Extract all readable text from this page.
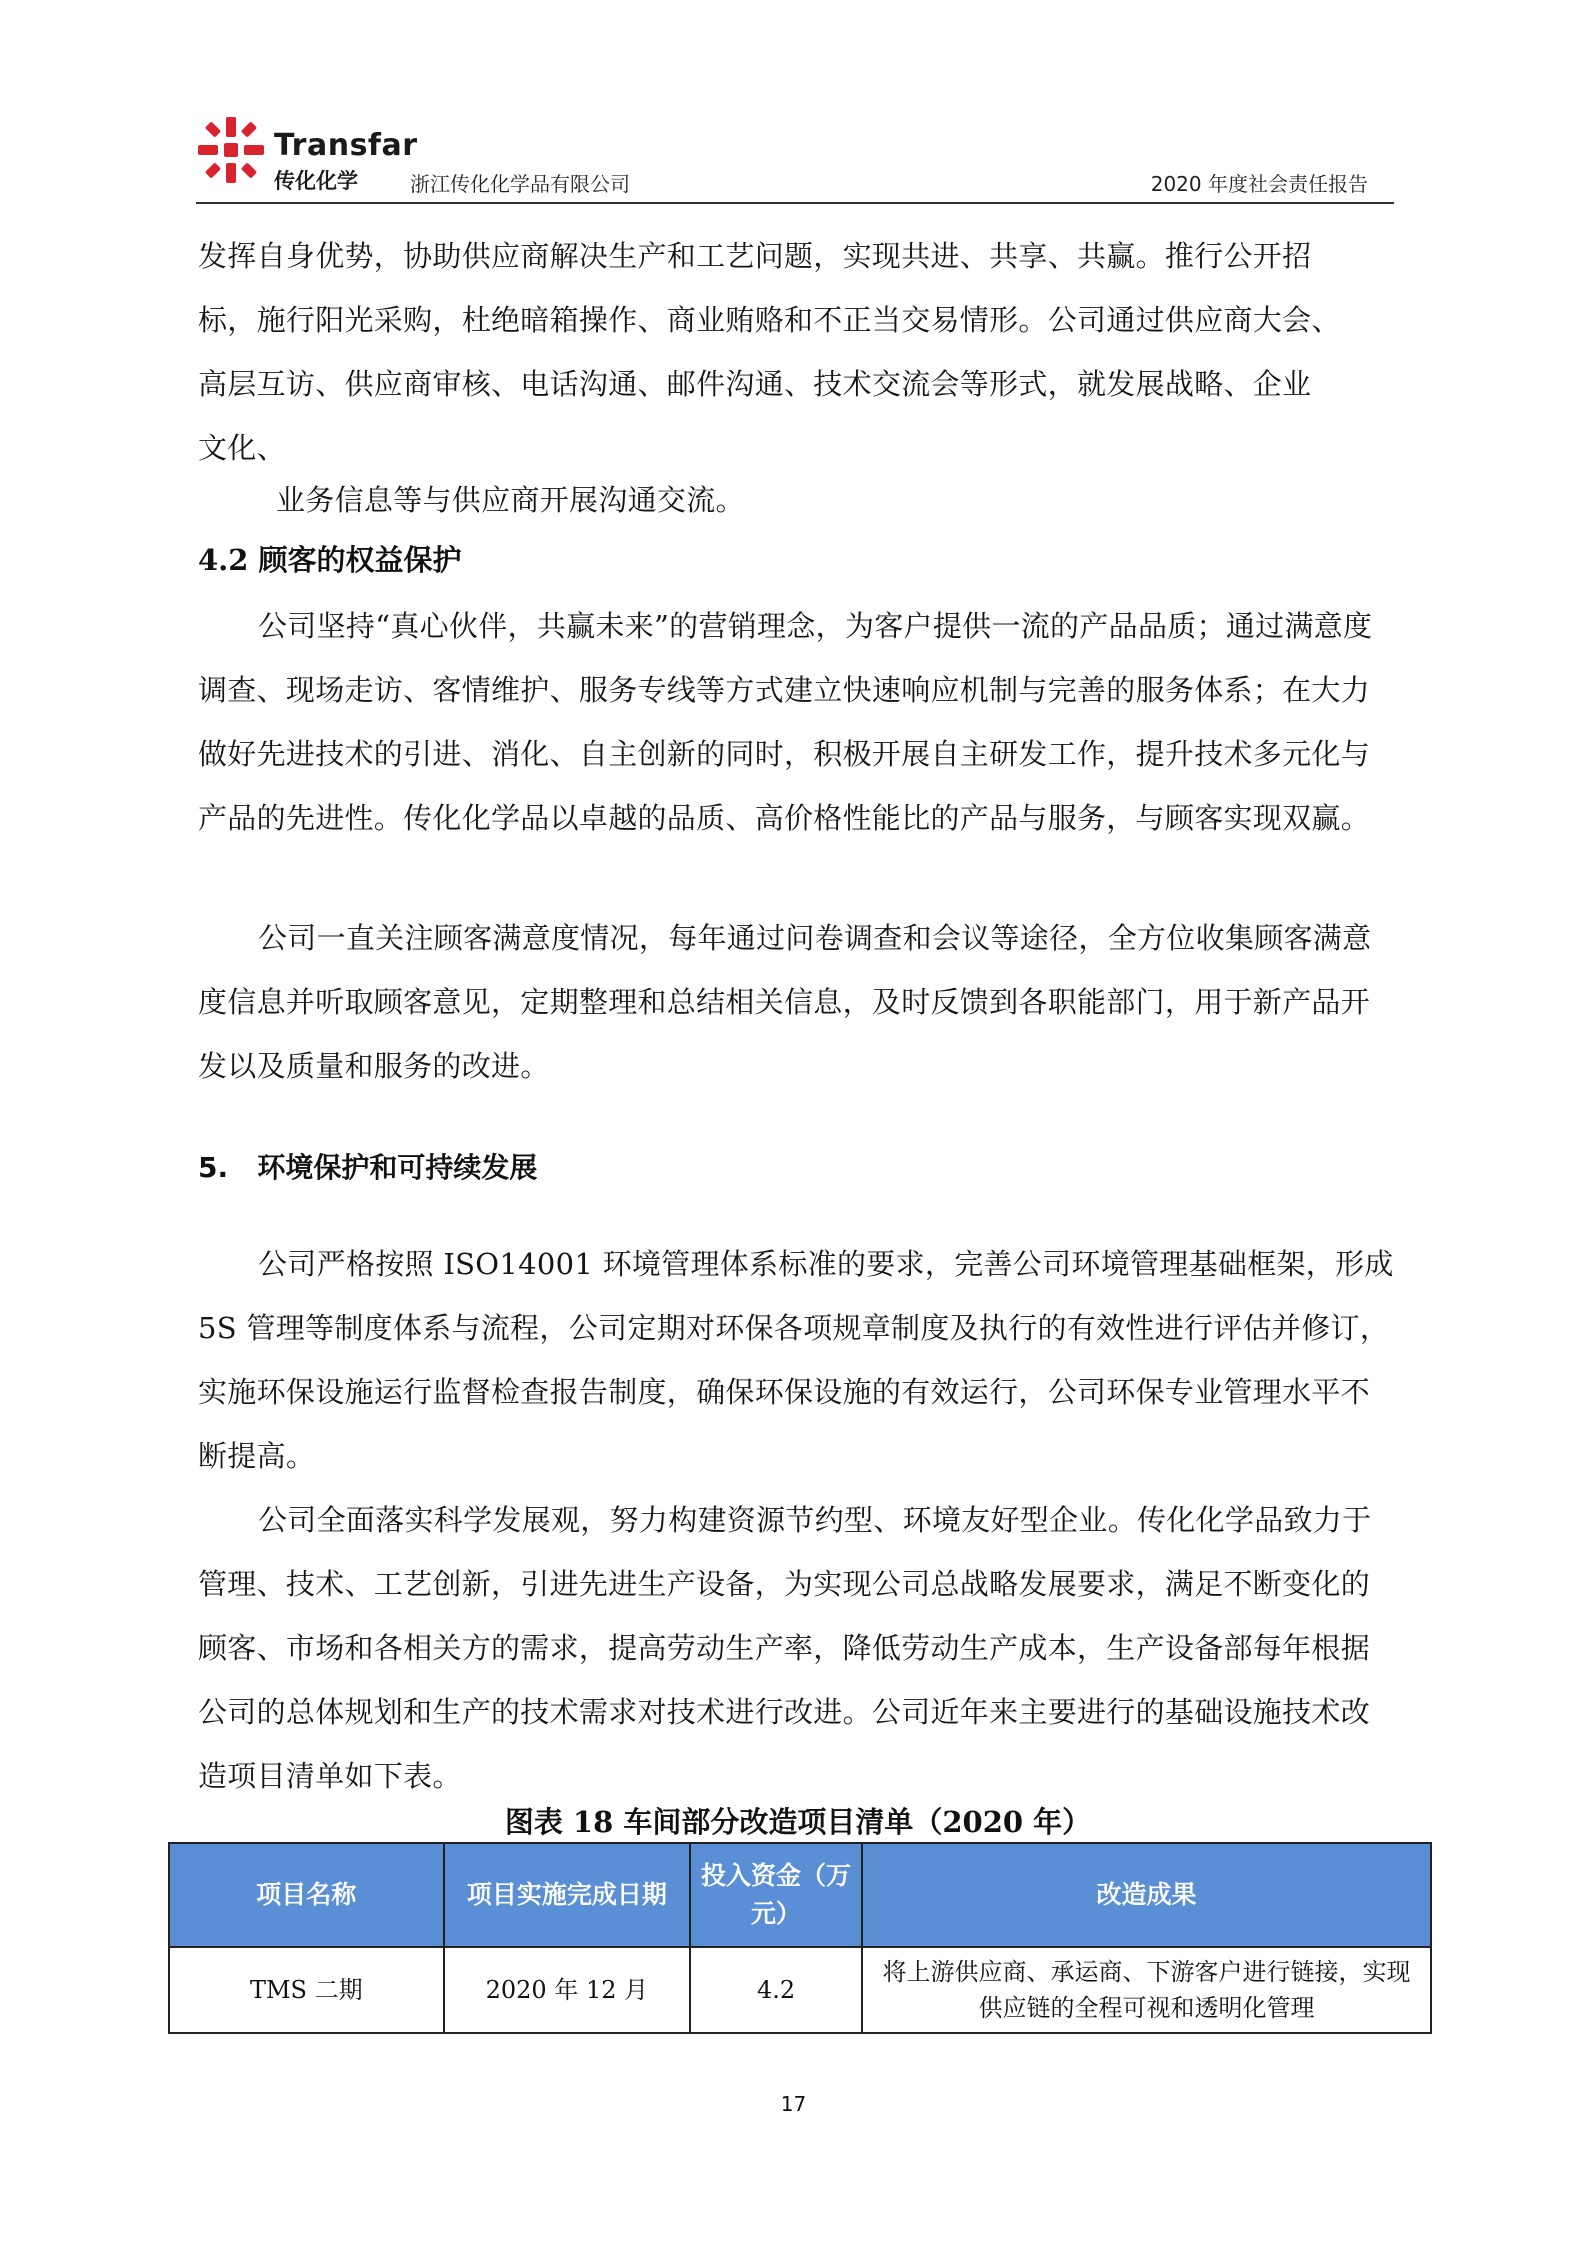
Transfar
传化化学	浙江传化化学品有限公司	2020 年度社会责任报告
发挥自身优势，协助供应商解决生产和工艺问题，实现共进、共享、共赢。推行公开招
标，施行阳光采购，杜绝暗箱操作、商业贿赂和不正当交易情形。公司通过供应商大会、
高层互访、供应商审核、电话沟通、邮件沟通、技术交流会等形式，就发展战略、企业
文化、

业务信息等与供应商开展沟通交流。

4.2 顾客的权益保护

公司坚持“真心伙伴，共赢未来”的营销理念，为客户提供一流的产品品质；通过满意度调查、现场走访、客情维护、服务专线等方式建立快速响应机制与完善的服务体系；在大力做好先进技术的引进、消化、自主创新的同时，积极开展自主研发工作，提升技术多元化与产品的先进性。传化化学品以卓越的品质、高价格性能比的产品与服务，与顾客实现双赢。

公司一直关注顾客满意度情况，每年通过问卷调查和会议等途径，全方位收集顾客满意度信息并听取顾客意见，定期整理和总结相关信息，及时反馈到各职能部门，用于新产品开发以及质量和服务的改进。

5.   环境保护和可持续发展

公司严格按照 ISO14001 环境管理体系标准的要求，完善公司环境管理基础框架，形成 5S 管理等制度体系与流程，公司定期对环保各项规章制度及执行的有效性进行评估并修订，实施环保设施运行监督检查报告制度，确保环保设施的有效运行，公司环保专业管理水平不断提高。

公司全面落实科学发展观，努力构建资源节约型、环境友好型企业。传化化学品致力于管理、技术、工艺创新，引进先进生产设备，为实现公司总战略发展要求，满足不断变化的顾客、市场和各相关方的需求，提高劳动生产率，降低劳动生产成本，生产设备部每年根据公司的总体规划和生产的技术需求对技术进行改进。公司近年来主要进行的基础设施技术改造项目清单如下表。

图表 18 车间部分改造项目清单（2020 年）

项目名称	项目实施完成日期	投入资金（万元）	改造成果
TMS 二期	2020 年 12 月	4.2	将上游供应商、承运商、下游客户进行链接，实现供应链的全程可视和透明化管理
17
